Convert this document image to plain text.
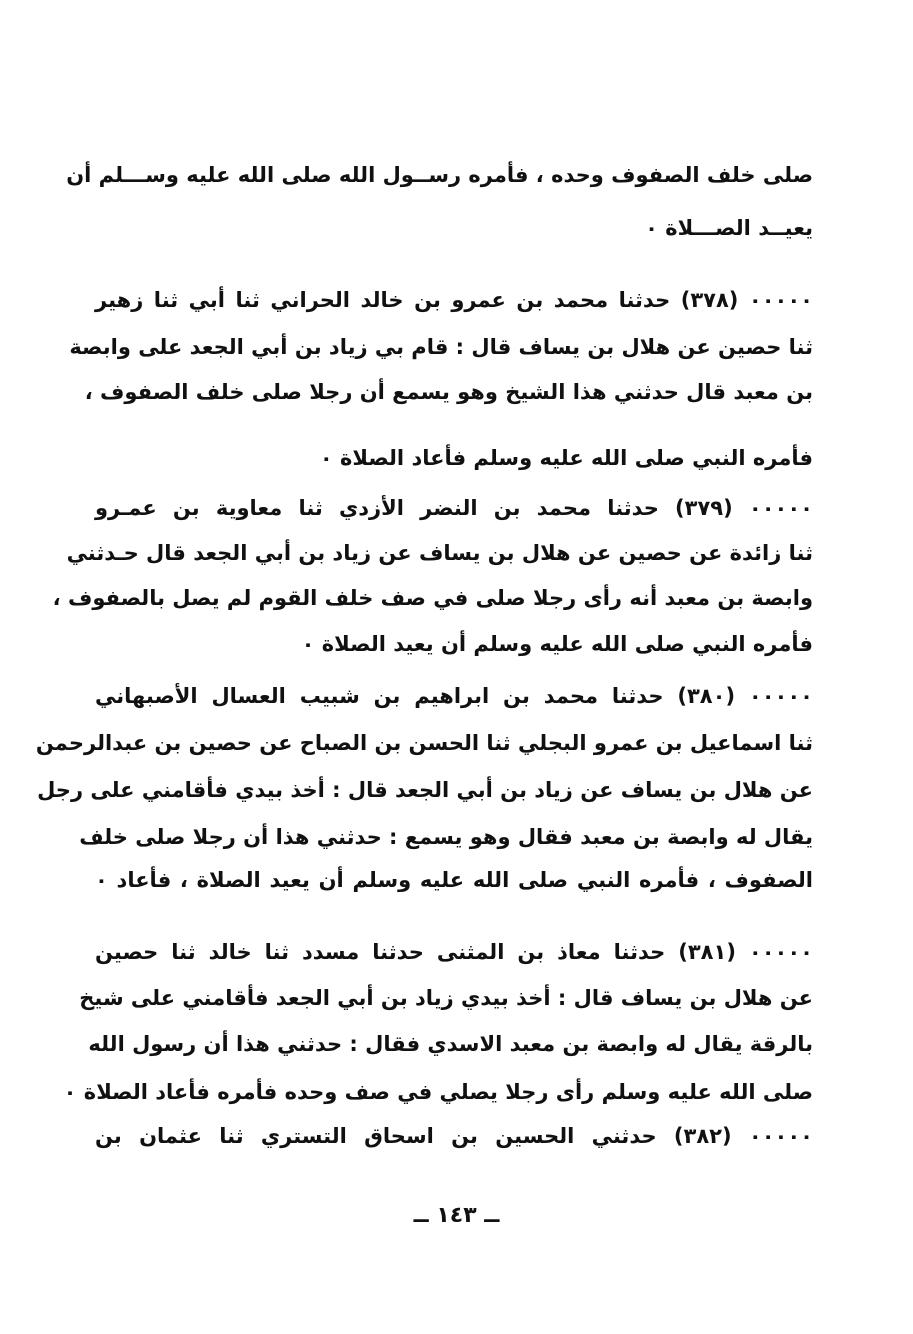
صلى خلف الصفوف وحده ، فأمره رســول الله صلى الله عليه وســـلم أن
يعيــد الصـــلاة ٠
٠٠٠٠٠ (٣٧٨) حدثنا محمد بن عمرو بن خالد الحراني ثنا أبي ثنا زهير
ثنا حصين عن هلال بن يساف قال : قام بي زياد بن أبي الجعد على وابصة
بن معبد قال حدثني هذا الشيخ وهو يسمع أن رجلا صلى خلف الصفوف ،
فأمره النبي صلى الله عليه وسلم فأعاد الصلاة ٠
٠٠٠٠٠ (٣٧٩) حدثنا محمد بن النضر الأزدي ثنا معاوية بن عمـرو
ثنا زائدة عن حصين عن هلال بن يساف عن زياد بن أبي الجعد قال حـدثني
وابصة بن معبد أنه رأى رجلا صلى في صف خلف القوم لم يصل بالصفوف ،
فأمره النبي صلى الله عليه وسلم أن يعيد الصلاة ٠
٠٠٠٠٠ (٣٨٠) حدثنا محمد بن ابراهيم بن شبيب العسال الأصبهاني
ثنا اسماعيل بن عمرو البجلي ثنا الحسن بن الصباح عن حصين بن عبدالرحمن
عن هلال بن يساف عن زياد بن أبي الجعد قال : أخذ بيدي فأقامني على رجل
يقال له وابصة بن معبد فقال وهو يسمع : حدثني هذا أن رجلا صلى خلف
الصفوف ، فأمره النبي صلى الله عليه وسلم أن يعيد الصلاة ، فأعاد ٠
٠٠٠٠٠ (٣٨١) حدثنا معاذ بن المثنى حدثنا مسدد ثنا خالد ثنا حصين
عن هلال بن يساف قال : أخذ بيدي زياد بن أبي الجعد فأقامني على شيخ
بالرقة يقال له وابصة بن معبد الاسدي فقال : حدثني هذا أن رسول الله
صلى الله عليه وسلم رأى رجلا يصلي في صف وحده فأمره فأعاد الصلاة ٠
٠٠٠٠٠ (٣٨٢) حدثني الحسين بن اسحاق التستري ثنا عثمان بن
ــ ١٤٣ ــ
